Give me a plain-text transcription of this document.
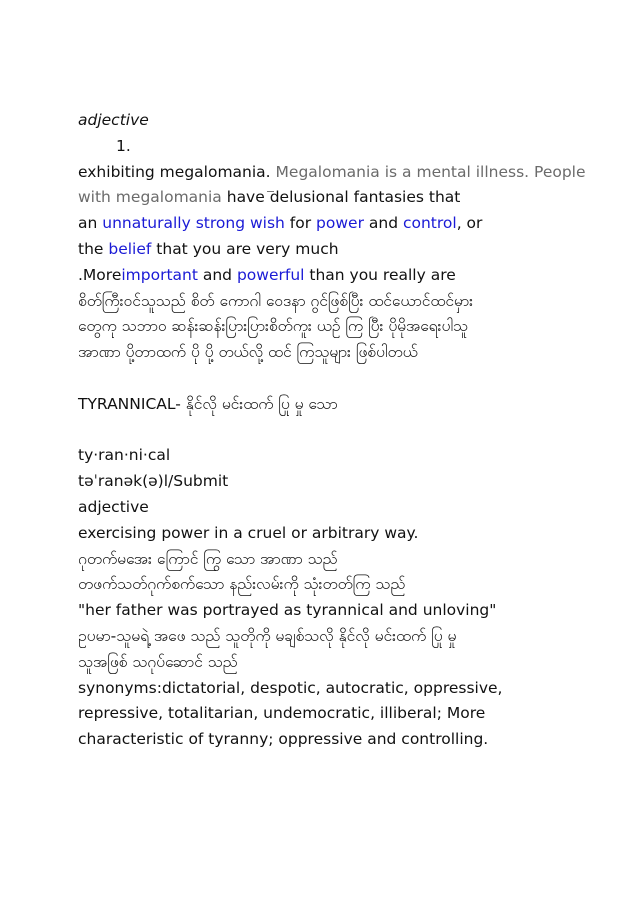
adjective
1.
exhibiting megalomania. Megalomania is a mental illness. People
with megalomania have delusional fantasies that
an unnaturally strong wish for power and control, or
the belief that you are very much
.Moreimportant and powerful than you really are
စိတ်ကြီးဝင်သူသည် စိတ် ကောဂါ ဝေဒနာ ဂွင်ဖြစ်ပြီး ထင်ယောင်ထင်မှား
တွေကု သဘာဝ ဆန်းဆန်းပြားပြားစိတ်ကူး ယဥ် ကြ ပြီး ပိုမိုအရေးပါသူ
အာဏာ ပို့တာထက် ပို ပို့ တယ်လို့ ထင် ကြသူများ ဖြစ်ပါတယ်
TYRANNICAL- နိုင်လို မင်းထက် ပြု မှု သော
ty·ran·ni·cal
təˈranək(ə)l/Submit
adjective
exercising power in a cruel or arbitrary way.
ဂုတက်မအေး ကြောင် ကြွ သော အာဏာ သည်
တဖက်သတ်ဂုက်စက်သော နည်းလမ်းကို သုံးတတ်ကြ သည်
"her father was portrayed as tyrannical and unloving"
ဥပမာ-သူမရဲ့ အဖေ သည် သူတိုကို မချစ်သလို နိုင်လို မင်းထက် ပြု မှု
သူအဖြစ် သဂုပ်ဆောင် သည်
synonyms:dictatorial, despotic, autocratic, oppressive,
repressive, totalitarian, undemocratic, illiberal; More
characteristic of tyranny; oppressive and controlling.
